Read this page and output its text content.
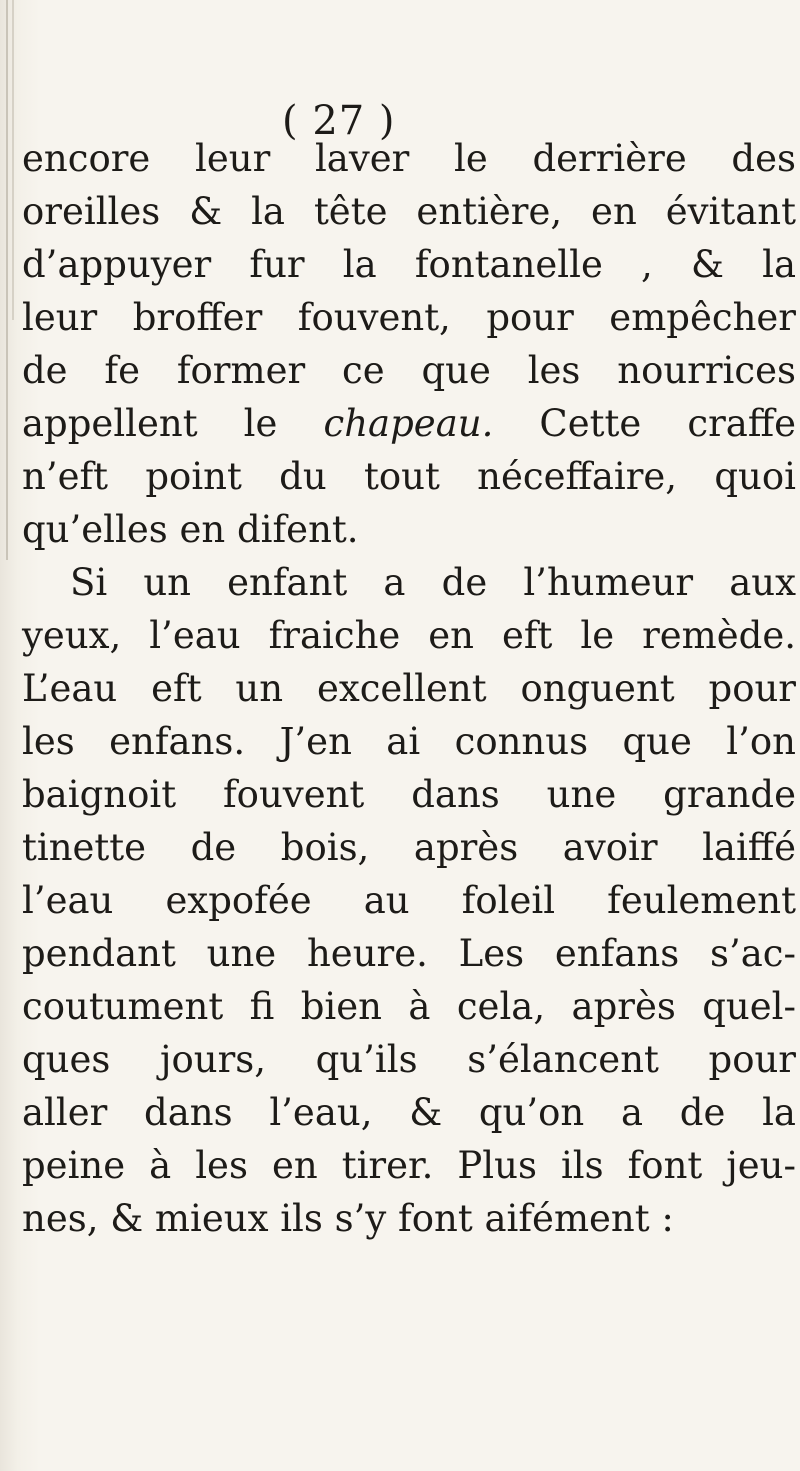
( 27 )
encore leur laver le derrière des
oreilles & la tête entière, en évitant
d’appuyer fur la fontanelle , & la
leur broffer fouvent, pour empêcher
de fe former ce que les nourrices
appellent le chapeau. Cette craffe
n’eft point du tout néceffaire, quoi
qu’elles en difent.
Si un enfant a de l’humeur aux
yeux, l’eau fraiche en eft le remède.
L’eau eft un excellent onguent pour
les enfans. J’en ai connus que l’on
baignoit fouvent dans une grande
tinette de bois, après avoir laiffé
l’eau expofée au foleil feulement
pendant une heure. Les enfans s’ac-
coutument fi bien à cela, après quel-
ques jours, qu’ils s’élancent pour
aller dans l’eau, & qu’on a de la
peine à les en tirer. Plus ils font jeu-
nes, & mieux ils s’y font aifément :
